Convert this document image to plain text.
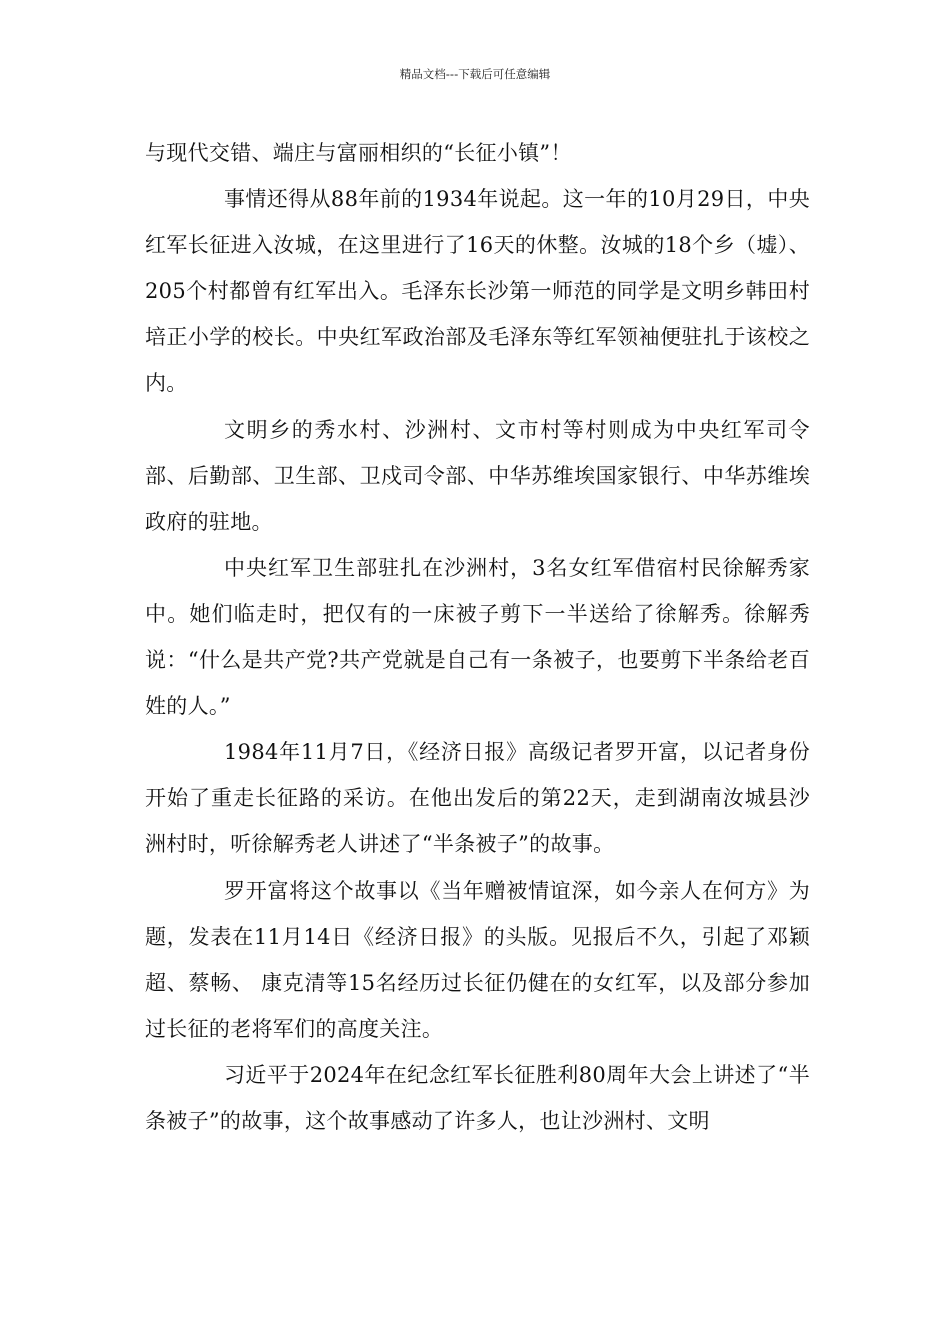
精品文档---下载后可任意编辑

与现代交错、端庄与富丽相织的“长征小镇”！

事情还得从88年前的1934年说起。这一年的10月29日，中央红军长征进入汝城，在这里进行了16天的休整。汝城的18个乡（墟）、205个村都曾有红军出入。毛泽东长沙第一师范的同学是文明乡韩田村培正小学的校长。中央红军政治部及毛泽东等红军领袖便驻扎于该校之内。

文明乡的秀水村、沙洲村、文市村等村则成为中央红军司令部、后勤部、卫生部、卫戍司令部、中华苏维埃国家银行、中华苏维埃政府的驻地。

中央红军卫生部驻扎在沙洲村，3名女红军借宿村民徐解秀家中。她们临走时，把仅有的一床被子剪下一半送给了徐解秀。徐解秀说：“什么是共产党?共产党就是自己有一条被子，也要剪下半条给老百姓的人。”

1984年11月7日，《经济日报》高级记者罗开富，以记者身份开始了重走长征路的采访。在他出发后的第22天，走到湖南汝城县沙洲村时，听徐解秀老人讲述了“半条被子”的故事。

罗开富将这个故事以《当年赠被情谊深，如今亲人在何方》为题，发表在11月14日《经济日报》的头版。见报后不久，引起了邓颖超、蔡畅、 康克清等15名经历过长征仍健在的女红军，以及部分参加过长征的老将军们的高度关注。

习近平于2024年在纪念红军长征胜利80周年大会上讲述了“半条被子”的故事，这个故事感动了许多人，也让沙洲村、文明
